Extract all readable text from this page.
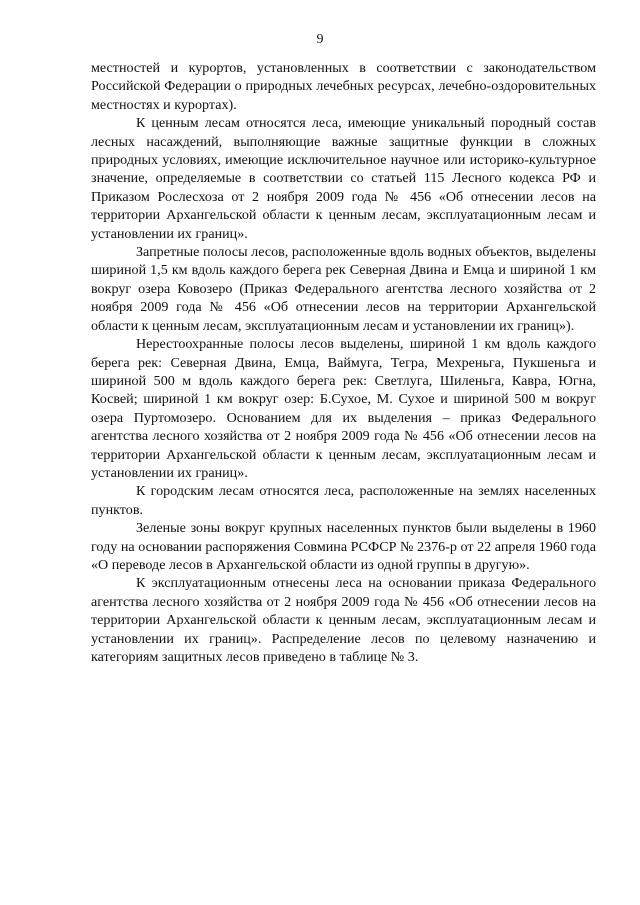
9

местностей и курортов, установленных в соответствии с законодательством Российской Федерации о природных лечебных ресурсах, лечебно-оздоровительных местностях и курортах).

К ценным лесам относятся леса, имеющие уникальный породный состав лесных насаждений, выполняющие важные защитные функции в сложных природных условиях, имеющие исключительное научное или историко-культурное значение, определяемые в соответствии со статьей 115 Лесного кодекса РФ и Приказом Рослесхоза от 2 ноября 2009 года № 456 «Об отнесении лесов на территории Архангельской области к ценным лесам, эксплуатационным лесам и установлении их границ».

Запретные полосы лесов, расположенные вдоль водных объектов, выделены шириной 1,5 км вдоль каждого берега рек Северная Двина и Емца и шириной 1 км вокруг озера Ковозеро (Приказ Федерального агентства лесного хозяйства от 2 ноября 2009 года № 456 «Об отнесении лесов на территории Архангельской области к ценным лесам, эксплуатационным лесам и установлении их границ»).

Нерестоохранные полосы лесов выделены, шириной 1 км вдоль каждого берега рек: Северная Двина, Емца, Ваймуга, Тегра, Мехреньга, Пукшеньга и шириной 500 м вдоль каждого берега рек: Светлуга, Шиленьга, Кавра, Югна, Косвей; шириной 1 км вокруг озер: Б.Сухое, М. Сухое и шириной 500 м вокруг озера Пуртомозеро. Основанием для их выделения – приказ Федерального агентства лесного хозяйства от 2 ноября 2009 года № 456 «Об отнесении лесов на территории Архангельской области к ценным лесам, эксплуатационным лесам и установлении их границ».

К городским лесам относятся леса, расположенные на землях населенных пунктов.

Зеленые зоны вокруг крупных населенных пунктов были выделены в 1960 году на основании распоряжения Совмина РСФСР № 2376-р от 22 апреля 1960 года «О переводе лесов в Архангельской области из одной группы в другую».

К эксплуатационным отнесены леса на основании приказа Федерального агентства лесного хозяйства от 2 ноября 2009 года № 456 «Об отнесении лесов на территории Архангельской области к ценным лесам, эксплуатационным лесам и установлении их границ». Распределение лесов по целевому назначению и категориям защитных лесов приведено в таблице № 3.
